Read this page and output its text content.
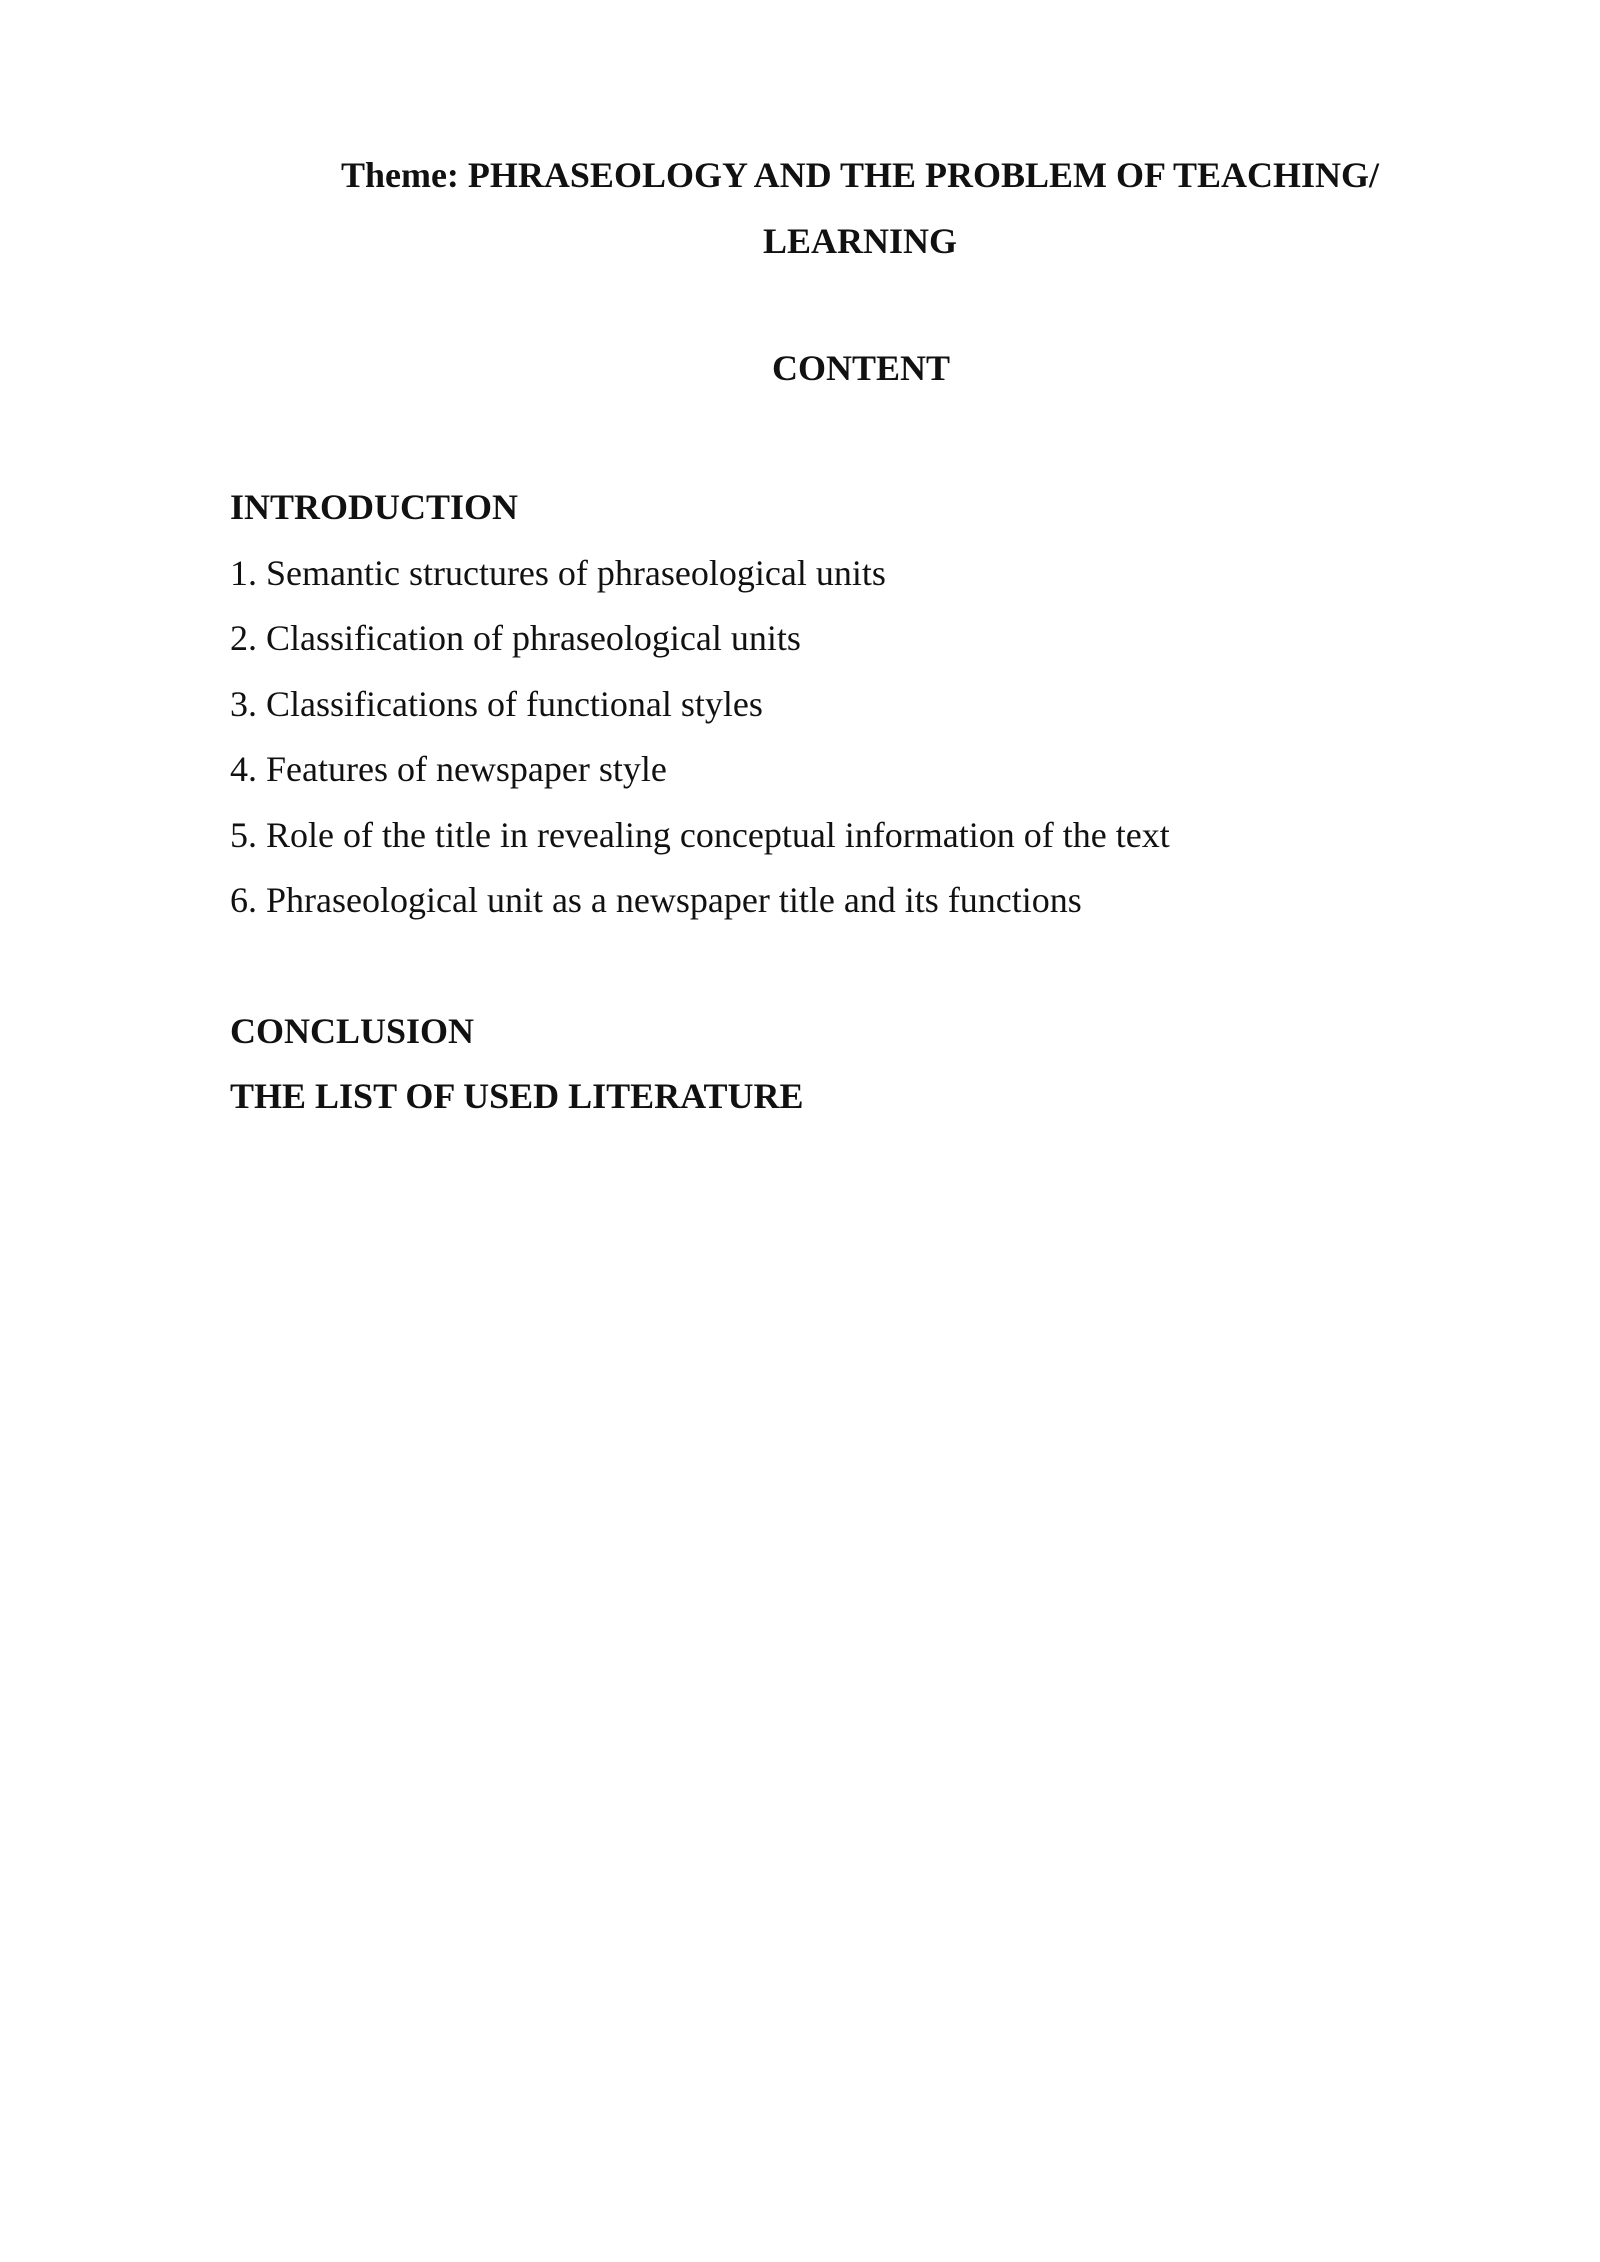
Theme: PHRASEOLOGY AND THE PROBLEM OF TEACHING/
LEARNING
CONTENT
INTRODUCTION
1. Semantic structures of phraseological units
2. Classification of phraseological units
3. Classifications of functional styles
4. Features of newspaper style
5. Role of the title in revealing conceptual information of the text
6. Phraseological unit as a newspaper title and its functions
CONCLUSION
THE LIST OF USED LITERATURE
